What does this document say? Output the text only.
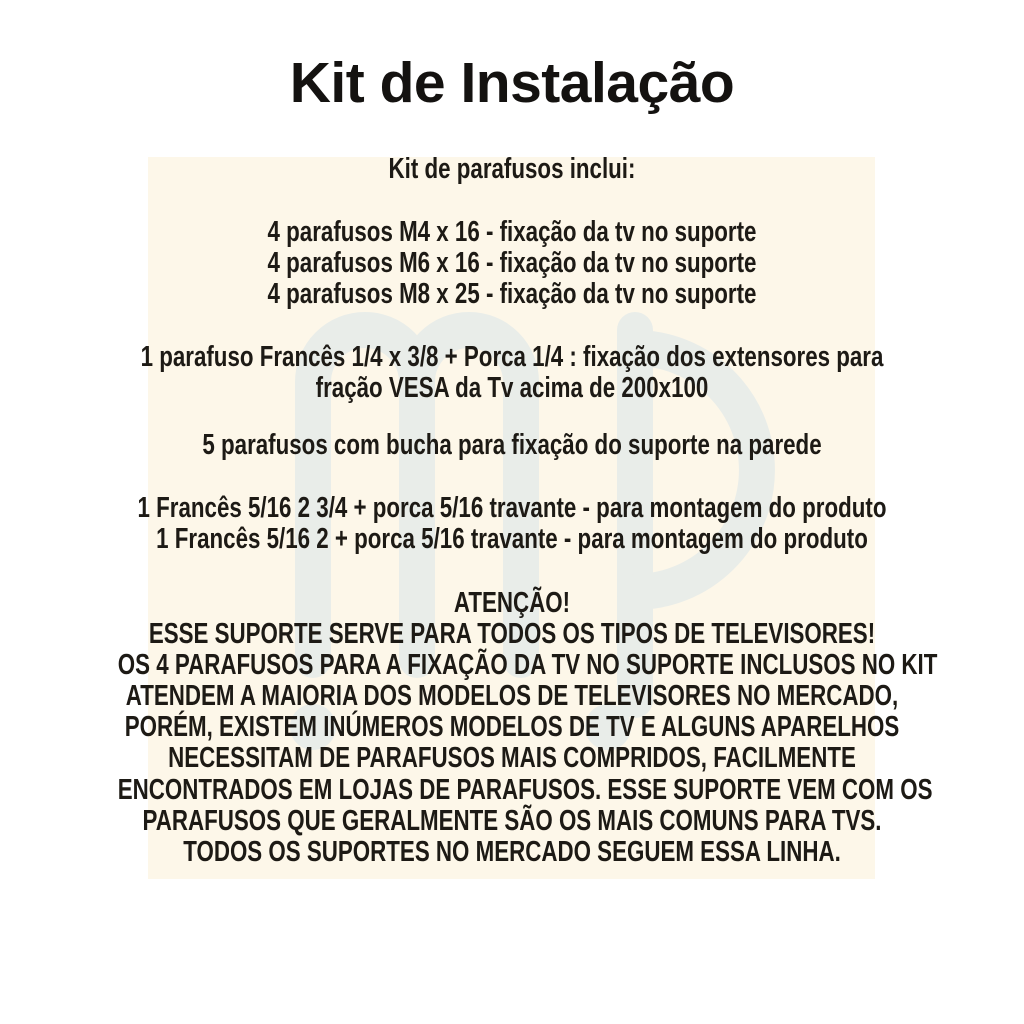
Kit de Instalação
Kit de parafusos inclui:
4 parafusos M4 x 16 - fixação da tv no suporte
4 parafusos M6 x 16 - fixação da tv no suporte
4 parafusos M8 x 25 - fixação da tv no suporte
1 parafuso Francês 1/4 x 3/8 + Porca 1/4 : fixação dos extensores para
fração VESA da Tv acima de 200x100
5 parafusos com bucha para fixação do suporte na parede
1 Francês 5/16 2 3/4 + porca 5/16 travante - para montagem do produto
1 Francês 5/16 2 + porca 5/16 travante - para montagem do produto
ATENÇÃO!
ESSE SUPORTE SERVE PARA TODOS OS TIPOS DE TELEVISORES!
OS 4 PARAFUSOS PARA A FIXAÇÃO DA TV NO SUPORTE INCLUSOS NO KIT
ATENDEM A MAIORIA DOS MODELOS DE TELEVISORES NO MERCADO,
PORÉM, EXISTEM INÚMEROS MODELOS DE TV E ALGUNS APARELHOS
NECESSITAM DE PARAFUSOS MAIS COMPRIDOS, FACILMENTE
ENCONTRADOS EM LOJAS DE PARAFUSOS. ESSE SUPORTE VEM COM OS
PARAFUSOS QUE GERALMENTE SÃO OS MAIS COMUNS PARA TVS.
TODOS OS SUPORTES NO MERCADO SEGUEM ESSA LINHA.
